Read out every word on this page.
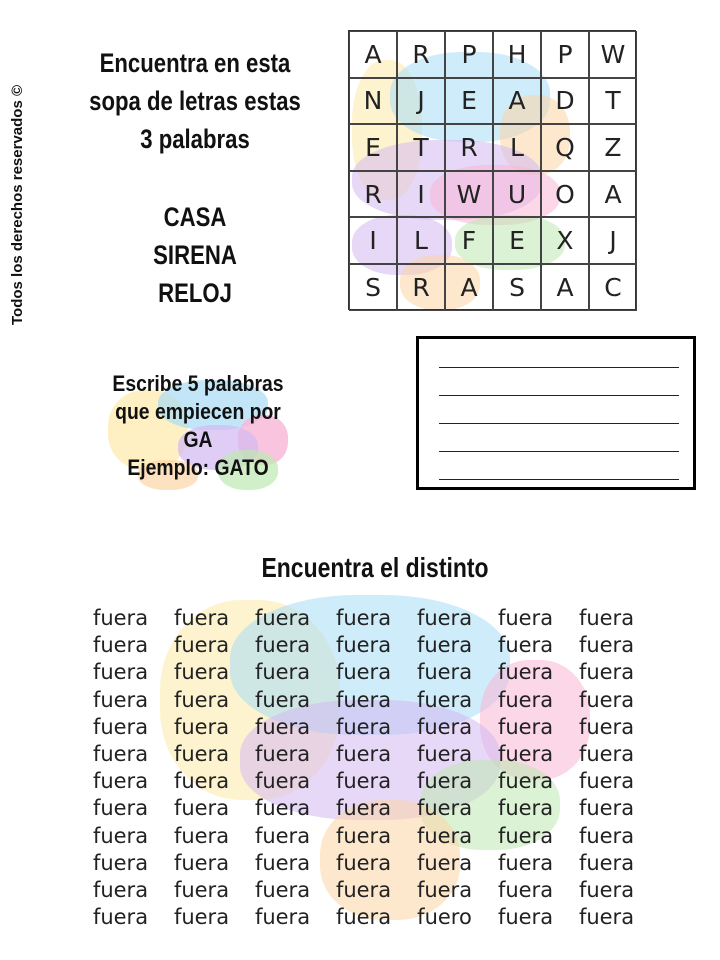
Todos los derechos reservados ©
Encuentra en esta
sopa de letras estas
3 palabras
CASA
SIRENA
RELOJ
A	R	P	H	P	W
N	J	E	A	D	T
E	T	R	L	Q	Z
R	I	W	U	O	A
I	L	F	E	X	J
S	R	A	S	A	C
Escribe 5 palabras
que empiecen por
GA
Ejemplo: GATO
Encuentra el distinto
fuera	fuera	fuera	fuera	fuera	fuera	fuera
fuera	fuera	fuera	fuera	fuera	fuera	fuera
fuera	fuera	fuera	fuera	fuera	fuera	fuera
fuera	fuera	fuera	fuera	fuera	fuera	fuera
fuera	fuera	fuera	fuera	fuera	fuera	fuera
fuera	fuera	fuera	fuera	fuera	fuera	fuera
fuera	fuera	fuera	fuera	fuera	fuera	fuera
fuera	fuera	fuera	fuera	fuera	fuera	fuera
fuera	fuera	fuera	fuera	fuera	fuera	fuera
fuera	fuera	fuera	fuera	fuera	fuera	fuera
fuera	fuera	fuera	fuera	fuera	fuera	fuera
fuera	fuera	fuera	fuera	fuero	fuera	fuera
